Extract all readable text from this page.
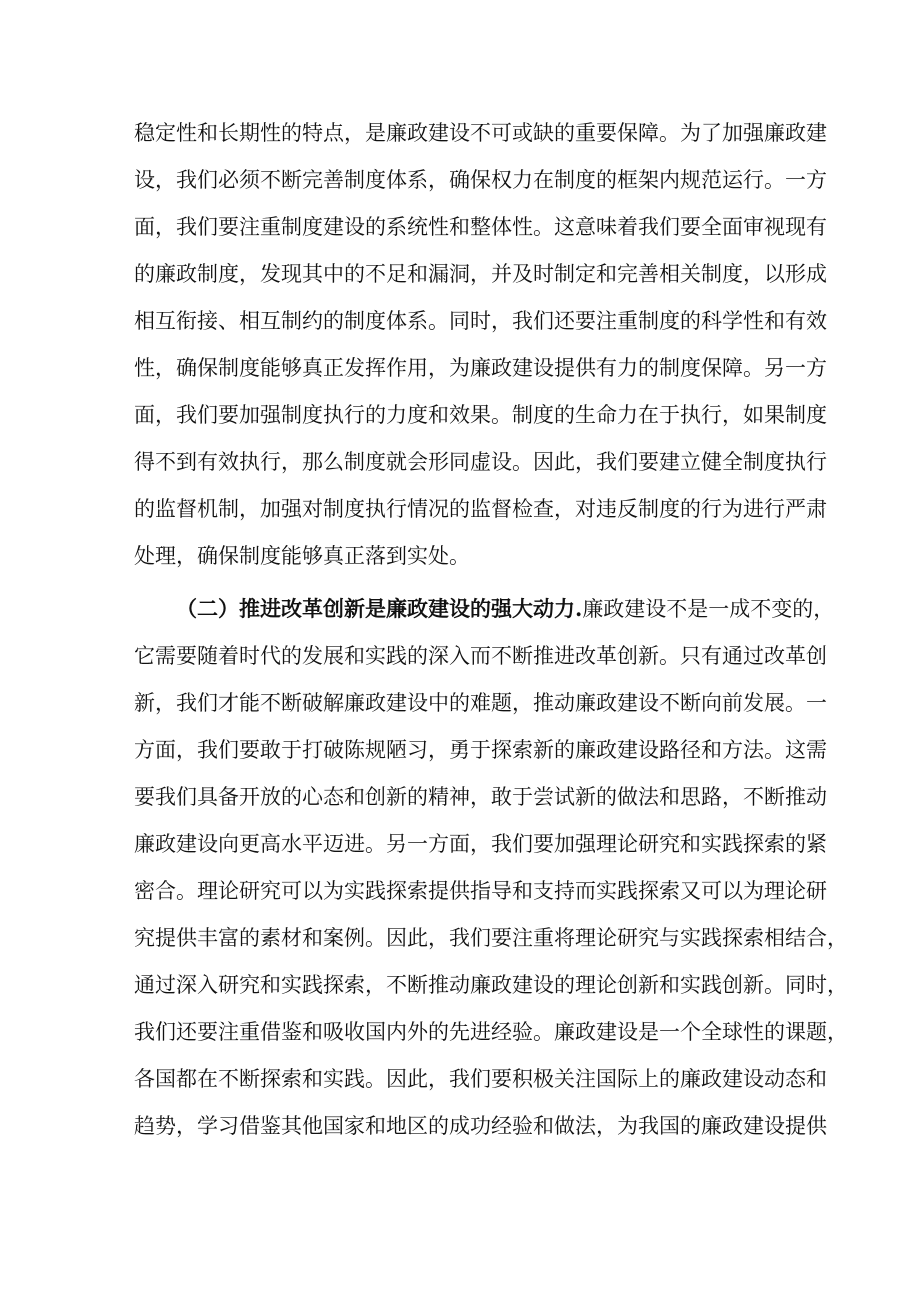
稳定性和长期性的特点，是廉政建设不可或缺的重要保障。为了加强廉政建
设，我们必须不断完善制度体系，确保权力在制度的框架内规范运行。一方
面，我们要注重制度建设的系统性和整体性。这意味着我们要全面审视现有
的廉政制度，发现其中的不足和漏洞，并及时制定和完善相关制度，以形成
相互衔接、相互制约的制度体系。同时，我们还要注重制度的科学性和有效
性，确保制度能够真正发挥作用，为廉政建设提供有力的制度保障。另一方
面，我们要加强制度执行的力度和效果。制度的生命力在于执行，如果制度
得不到有效执行，那么制度就会形同虚设。因此，我们要建立健全制度执行
的监督机制，加强对制度执行情况的监督检查，对违反制度的行为进行严肃
处理，确保制度能够真正落到实处。
（二）推进改革创新是廉政建设的强大动力.廉政建设不是一成不变的，
它需要随着时代的发展和实践的深入而不断推进改革创新。只有通过改革创
新，我们才能不断破解廉政建设中的难题，推动廉政建设不断向前发展。一
方面，我们要敢于打破陈规陋习，勇于探索新的廉政建设路径和方法。这需
要我们具备开放的心态和创新的精神，敢于尝试新的做法和思路，不断推动
廉政建设向更高水平迈进。另一方面，我们要加强理论研究和实践探索的紧
密合。理论研究可以为实践探索提供指导和支持而实践探索又可以为理论研
究提供丰富的素材和案例。因此，我们要注重将理论研究与实践探索相结合，
通过深入研究和实践探索，不断推动廉政建设的理论创新和实践创新。同时，
我们还要注重借鉴和吸收国内外的先进经验。廉政建设是一个全球性的课题，
各国都在不断探索和实践。因此，我们要积极关注国际上的廉政建设动态和
趋势，学习借鉴其他国家和地区的成功经验和做法，为我国的廉政建设提供
